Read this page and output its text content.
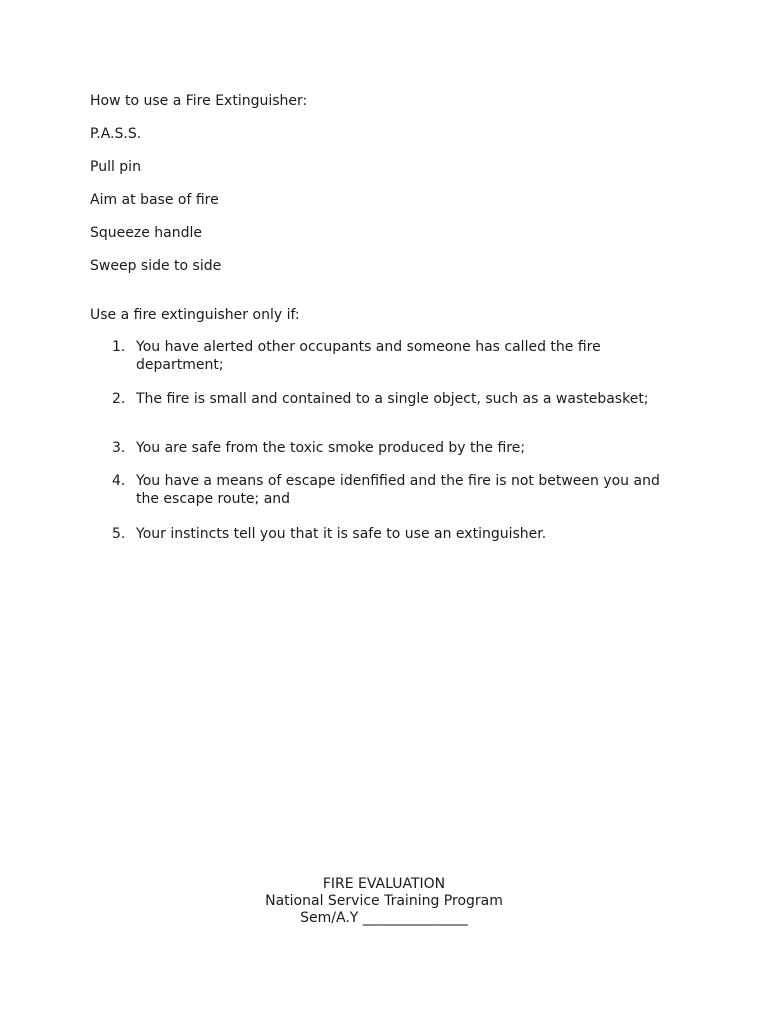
How to use a Fire Extinguisher:
P.A.S.S.
Pull pin
Aim at base of fire
Squeeze handle
Sweep side to side
Use a fire extinguisher only if:
1. You have alerted other occupants and someone has called the fire department;
2. The fire is small and contained to a single object, such as a wastebasket;
3. You are safe from the toxic smoke produced by the fire;
4. You have a means of escape idenfified and the fire is not between you and the escape route; and
5. Your instincts tell you that it is safe to use an extinguisher.
FIRE EVALUATION
National Service Training Program
Sem/A.Y _______________
